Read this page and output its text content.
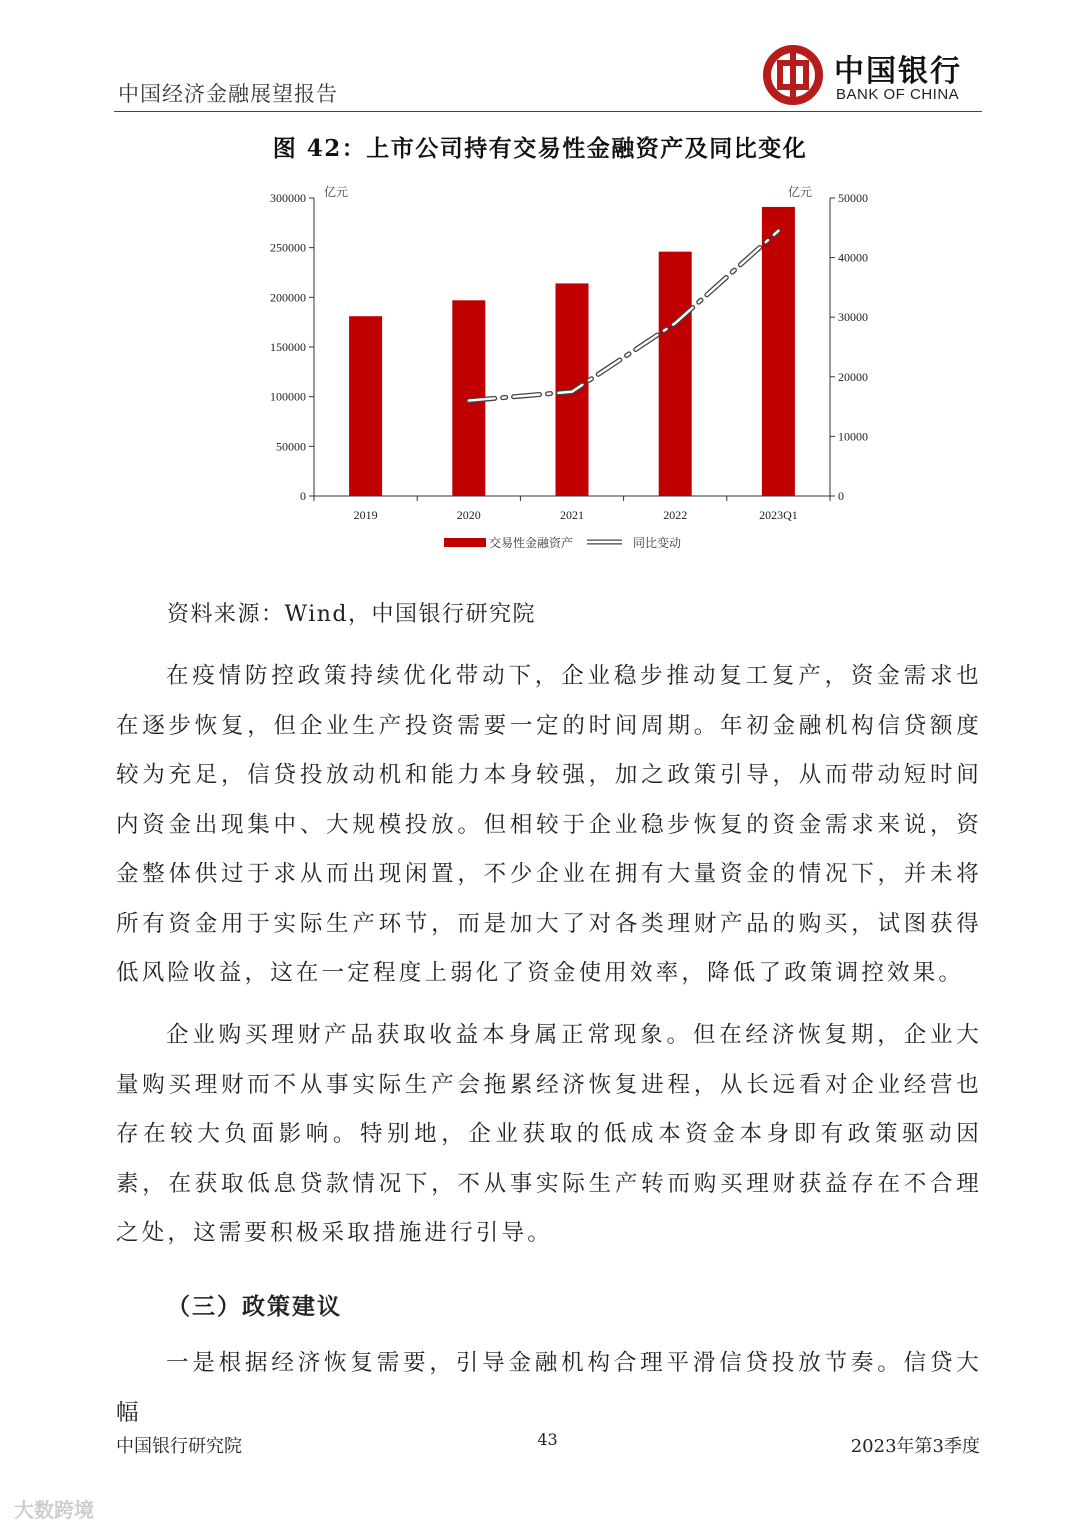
中国经济金融展望报告
中国银行
BANK OF CHINA
图 42：上市公司持有交易性金融资产及同比变化
0
50000
100000
150000
200000
250000
300000
0
10000
20000
30000
40000
50000
亿元	亿元
2019	2020	2021	2022	2023Q1
交易性金融资产	同比变动
资料来源：Wind，中国银行研究院

在疫情防控政策持续优化带动下，企业稳步推动复工复产，资金需求也在逐步恢复，但企业生产投资需要一定的时间周期。年初金融机构信贷额度较为充足，信贷投放动机和能力本身较强，加之政策引导，从而带动短时间内资金出现集中、大规模投放。但相较于企业稳步恢复的资金需求来说，资金整体供过于求从而出现闲置，不少企业在拥有大量资金的情况下，并未将所有资金用于实际生产环节，而是加大了对各类理财产品的购买，试图获得低风险收益，这在一定程度上弱化了资金使用效率，降低了政策调控效果。

企业购买理财产品获取收益本身属正常现象。但在经济恢复期，企业大量购买理财而不从事实际生产会拖累经济恢复进程，从长远看对企业经营也存在较大负面影响。特别地，企业获取的低成本资金本身即有政策驱动因素，在获取低息贷款情况下，不从事实际生产转而购买理财获益存在不合理之处，这需要积极采取措施进行引导。

（三）政策建议

一是根据经济恢复需要，引导金融机构合理平滑信贷投放节奏。信贷大幅

中国银行研究院	43	2023年第3季度
大数跨境
